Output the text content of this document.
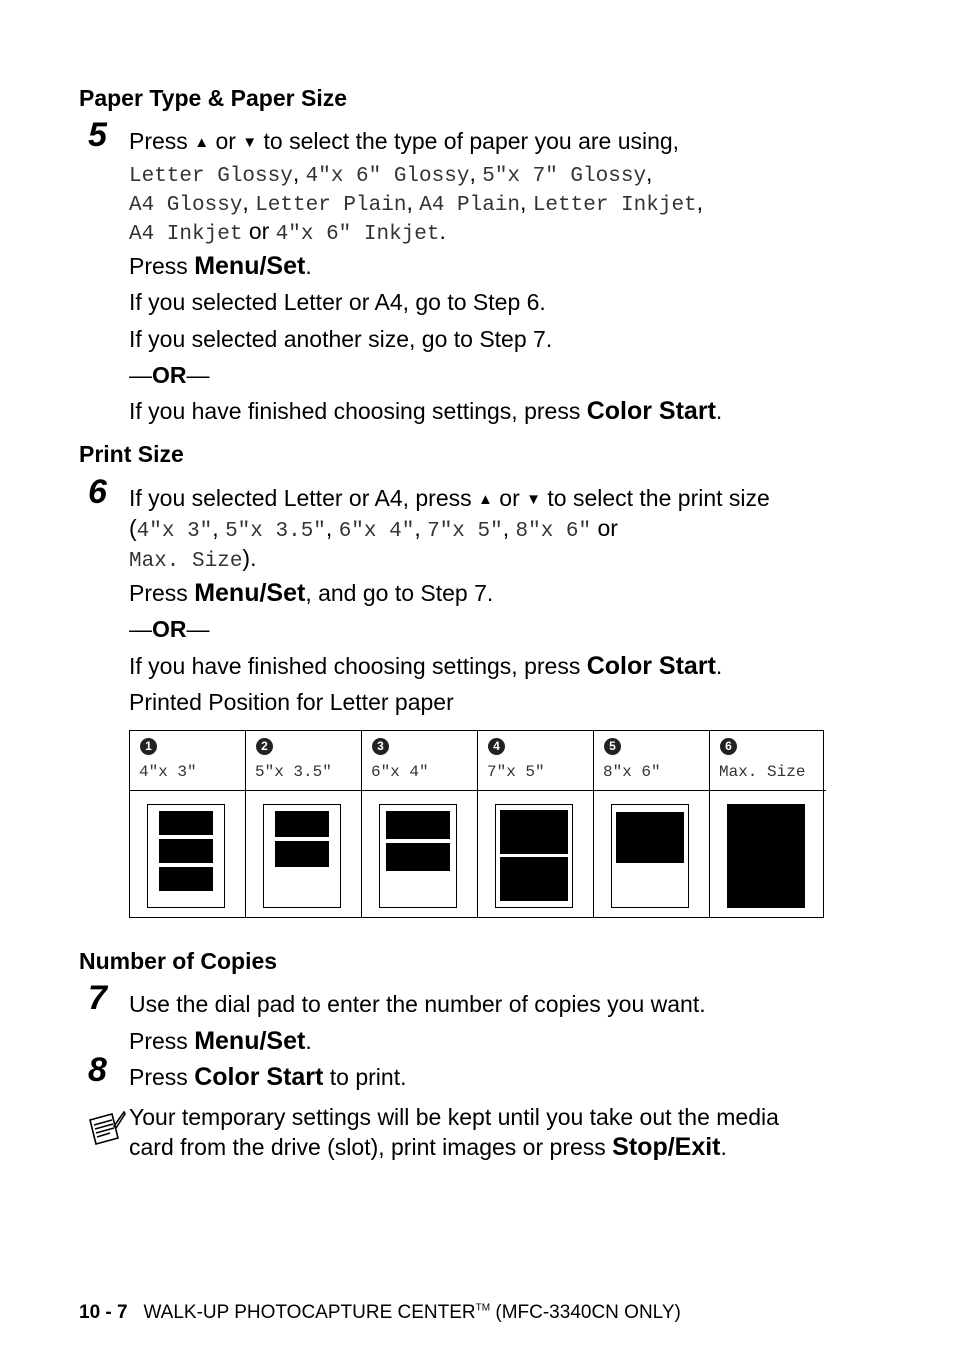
Paper Type & Paper Size
5 Press ▲ or ▼ to select the type of paper you are using,
Letter Glossy, 4"x 6" Glossy, 5"x 7" Glossy,
A4 Glossy, Letter Plain, A4 Plain, Letter Inkjet,
A4 Inkjet or 4"x 6" Inkjet.
Press Menu/Set.
If you selected Letter or A4, go to Step 6.
If you selected another size, go to Step 7.
—OR—
If you have finished choosing settings, press Color Start.
Print Size
6 If you selected Letter or A4, press ▲ or ▼ to select the print size
(4"x 3", 5"x 3.5", 6"x 4", 7"x 5", 8"x 6" or
Max. Size).
Press Menu/Set, and go to Step 7.
—OR—
If you have finished choosing settings, press Color Start.
Printed Position for Letter paper
1
4"x 3"
2
5"x 3.5"
3
6"x 4"
4
7"x 5"
5
8"x 6"
6
Max. Size
Number of Copies
7 Use the dial pad to enter the number of copies you want.
Press Menu/Set.
8 Press Color Start to print.
Your temporary settings will be kept until you take out the media
card from the drive (slot), print images or press Stop/Exit.
10 - 7 WALK-UP PHOTOCAPTURE CENTER™ (MFC-3340CN ONLY)
